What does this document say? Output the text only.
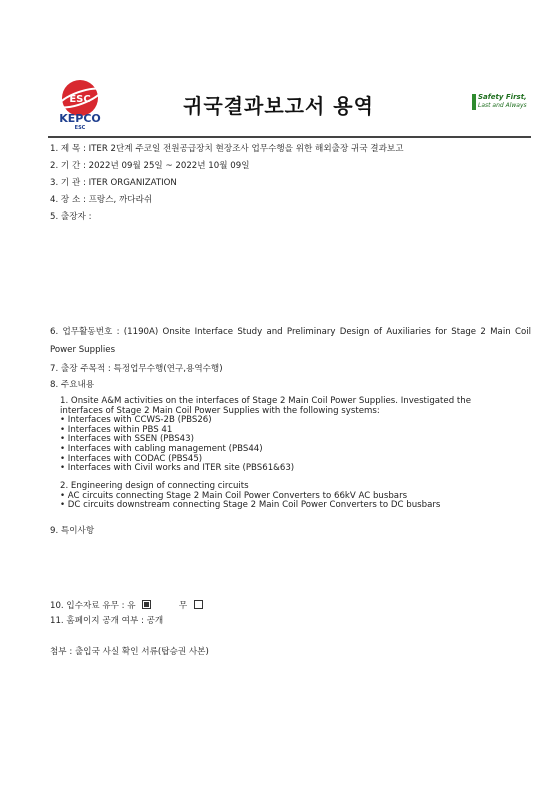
ESC
KEPCO
ESC
귀국결과보고서 용역	Safety First,
Last and Always
1. 제 목 : ITER 2단계 주코일 전원공급장치 현장조사 업무수행을 위한 해외출장 귀국 결과보고
2. 기 간 : 2022년 09월 25일 ~ 2022년 10월 09일
3. 기 관 : ITER ORGANIZATION
4. 장 소 : 프랑스, 까다라쉬
5. 출장자 :
6. 업무활동번호 : (1190A) Onsite Interface Study and Preliminary Design of Auxiliaries for Stage 2 Main Coil Power Supplies
7. 출장 주목적 : 특정업무수행(연구,용역수행)
8. 주요내용
1. Onsite A&M activities on the interfaces of Stage 2 Main Coil Power Supplies. Investigated the
interfaces of Stage 2 Main Coil Power Supplies with the following systems:
• Interfaces with CCWS-2B (PBS26)
• Interfaces within PBS 41
• Interfaces with SSEN (PBS43)
• Interfaces with cabling management (PBS44)
• Interfaces with CODAC (PBS45)
• Interfaces with Civil works and ITER site (PBS61&63)
2. Engineering design of connecting circuits
• AC circuits connecting Stage 2 Main Coil Power Converters to 66kV AC busbars
• DC circuits downstream connecting Stage 2 Main Coil Power Converters to DC busbars
9. 특이사항
10. 입수자료 유무 : 유	무
11. 홈페이지 공개 여부 : 공개
첨부 : 출입국 사실 확인 서류(탑승권 사본)
